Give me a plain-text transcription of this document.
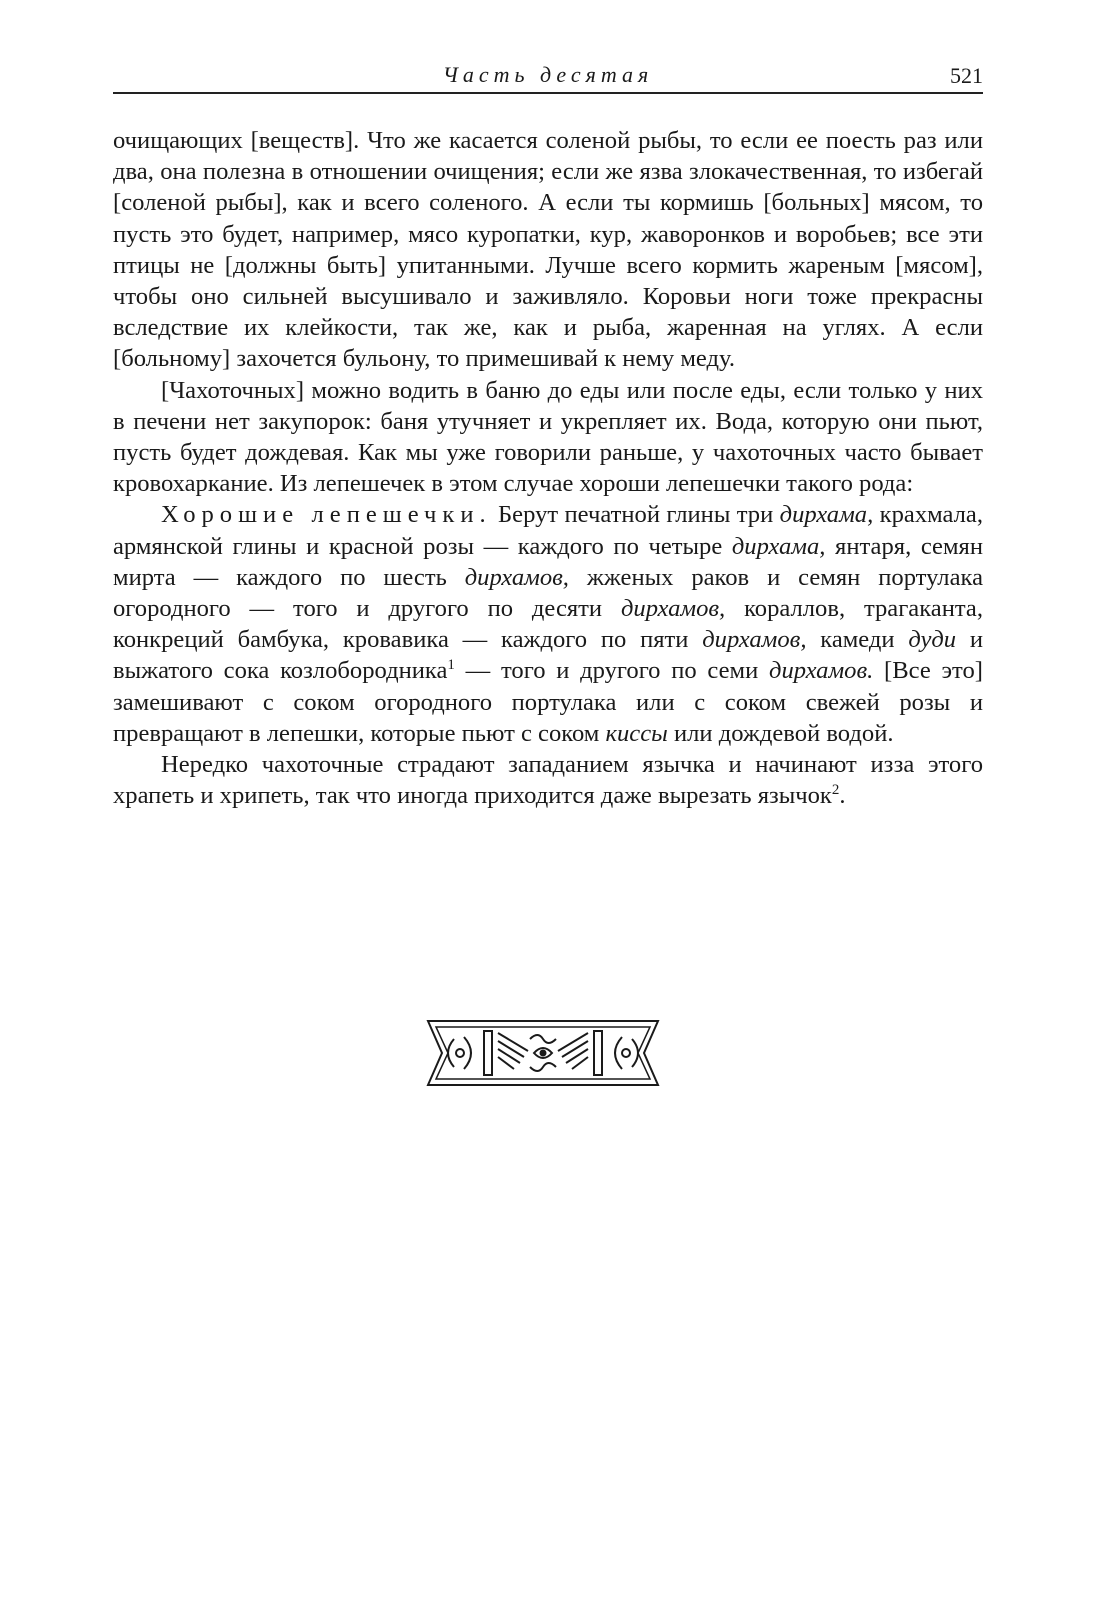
Часть десятая	521

очищающих [веществ]. Что же касается соленой рыбы, то если ее поесть раз или два, она полезна в отношении очищения; если же язва злокачественная, то избегай [соленой рыбы], как и всего соленого. А если ты кормишь [больных] мясом, то пусть это будет, например, мясо куропатки, кур, жаворонков и воробьев; все эти птицы не [должны быть] упитанными. Лучше всего кормить жареным [мясом], чтобы оно сильней высушивало и заживляло. Коровьи ноги тоже прекрасны вследствие их клейкости, так же, как и рыба, жаренная на углях. А если [больному] захочется бульону, то примешивай к нему меду.

[Чахоточных] можно водить в баню до еды или после еды, если только у них в печени нет закупорок: баня утучняет и укрепляет их. Вода, которую они пьют, пусть будет дождевая. Как мы уже говорили раньше, у чахоточных часто бывает кровохаркание. Из лепешечек в этом случае хороши лепешечки такого рода:

Хорошие лепешечки. Берут печатной глины три дирхама, крахмала, армянской глины и красной розы — каждого по четыре дирхама, янтаря, семян мирта — каждого по шесть дирхамов, жженых раков и семян портулака огородного — того и другого по десяти дирхамов, кораллов, трагаканта, конкреций бамбука, кровавика — каждого по пяти дирхамов, камеди дуди и выжатого сока козлобородника$^1$ — того и другого по семи дирхамов. [Все это] замешивают с соком огородного портулака или с соком свежей розы и превращают в лепешки, которые пьют с соком киссы или дождевой водой.

Нередко чахоточные страдают западанием язычка и начинают изза этого храпеть и хрипеть, так что иногда приходится даже вырезать язычок$^2$.
